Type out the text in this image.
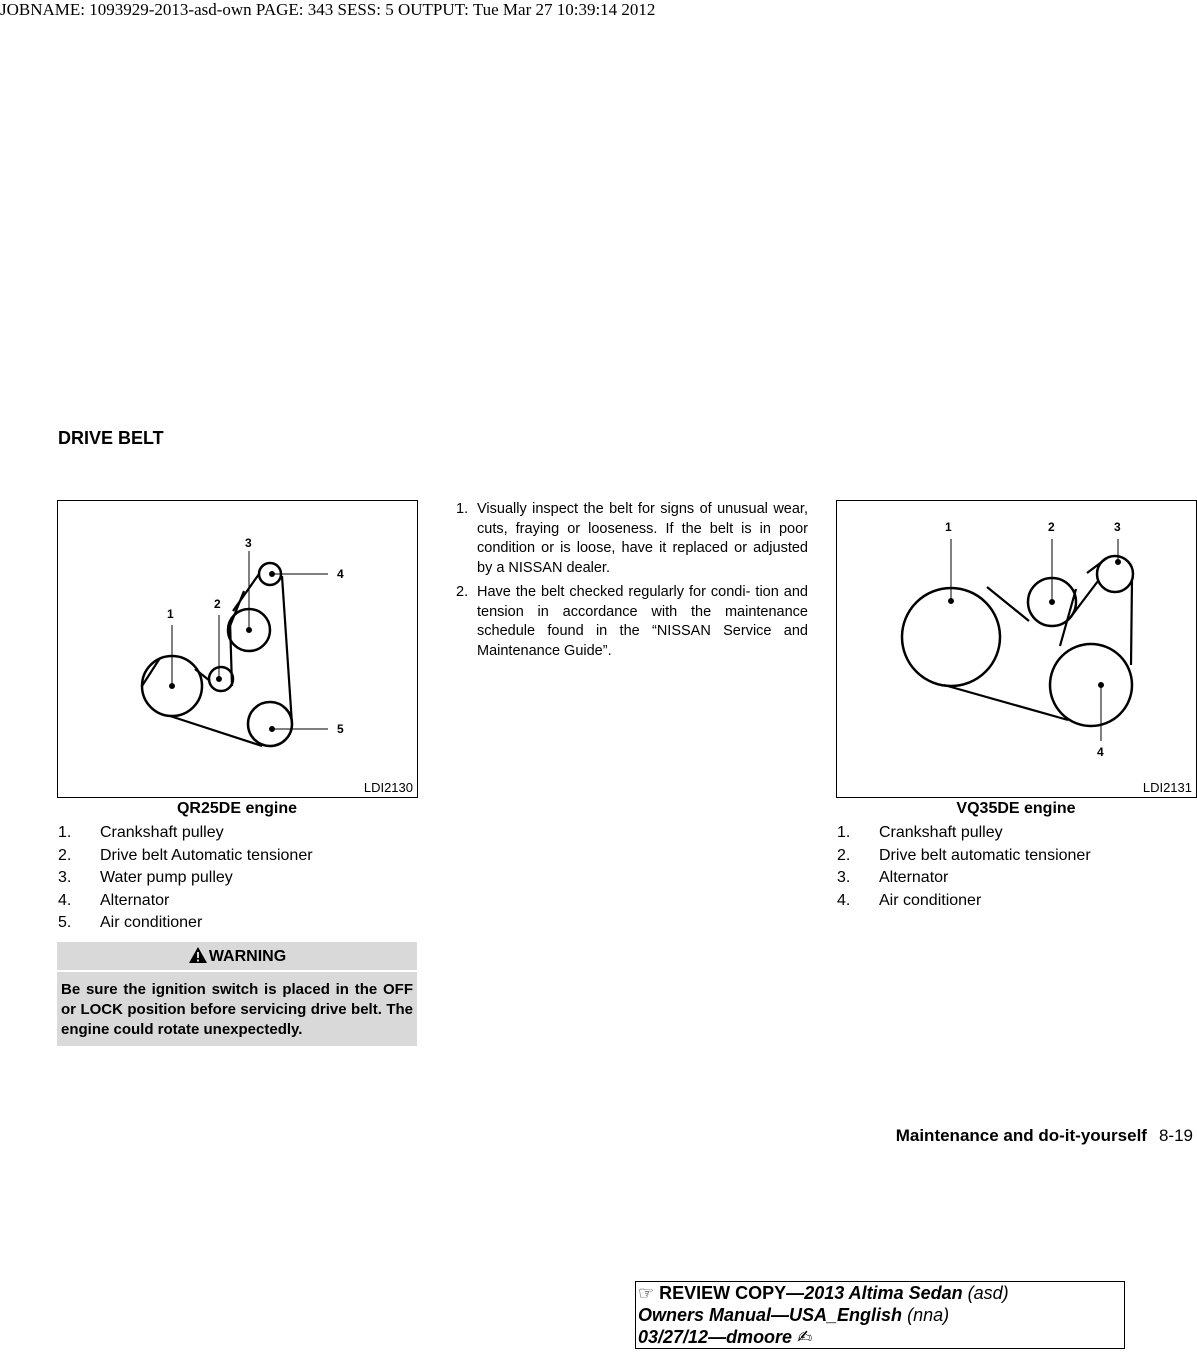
JOBNAME: 1093929-2013-asd-own PAGE: 343 SESS: 5 OUTPUT: Tue Mar 27 10:39:14 2012
DRIVE BELT
1
2
3
4
5
LDI2130
QR25DE engine
1. Crankshaft pulley
2. Drive belt Automatic tensioner
3. Water pump pulley
4. Alternator
5. Air conditioner
WARNING
Be sure the ignition switch is placed in the OFF or LOCK position before servicing drive belt. The engine could rotate unexpectedly.
1. Visually inspect the belt for signs of unusual wear, cuts, fraying or looseness. If the belt is in poor condition or is loose, have it replaced or adjusted by a NISSAN dealer.
2. Have the belt checked regularly for condi- tion and tension in accordance with the maintenance schedule found in the “NISSAN Service and Maintenance Guide”.
1	2	3
4
LDI2131
VQ35DE engine
1. Crankshaft pulley
2. Drive belt automatic tensioner
3. Alternator
4. Air conditioner
Maintenance and do-it-yourself 8-19
☞ REVIEW COPY—2013 Altima Sedan (asd)
Owners Manual—USA_English (nna)
03/27/12—dmoore ✍
